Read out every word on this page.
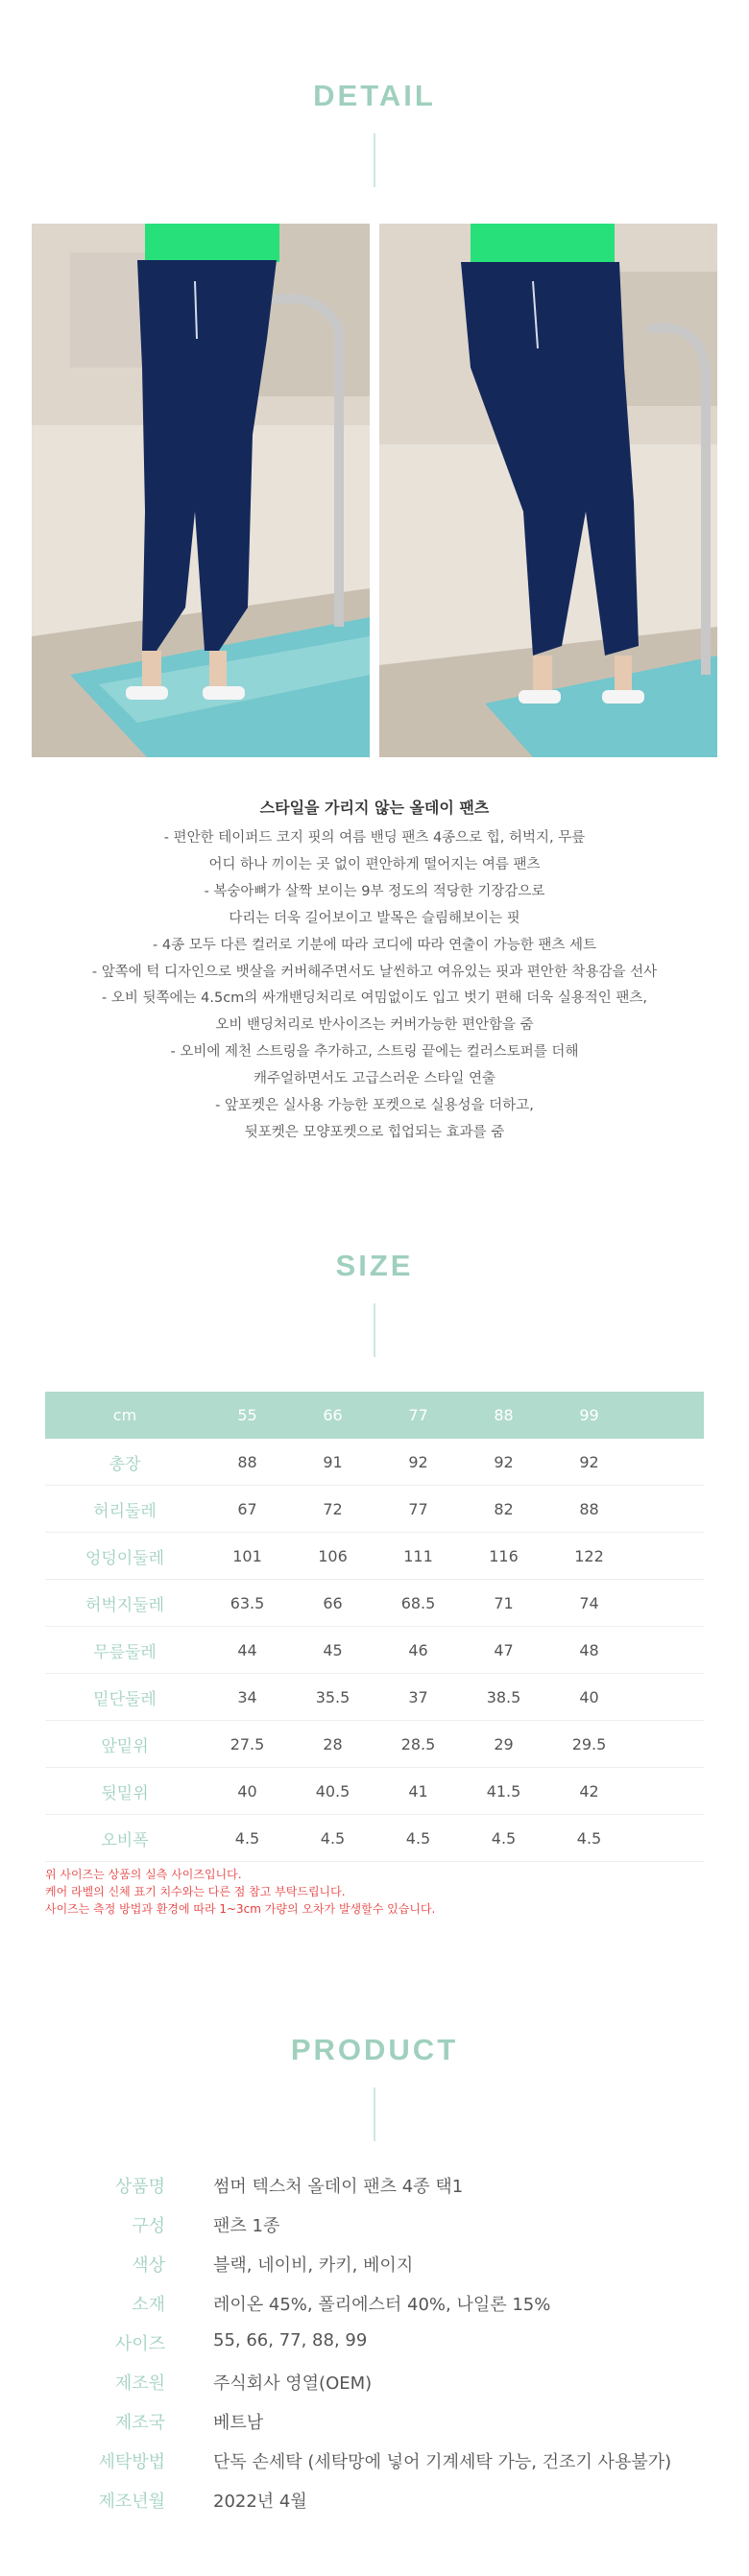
DETAIL
스타일을 가리지 않는 올데이 팬츠
- 편안한 테이퍼드 코지 핏의 여름 밴딩 팬츠 4종으로 힙, 허벅지, 무릎
어디 하나 끼이는 곳 없이 편안하게 떨어지는 여름 팬츠
- 복숭아뼈가 살짝 보이는 9부 정도의 적당한 기장감으로
다리는 더욱 길어보이고 발목은 슬림해보이는 핏
- 4종 모두 다른 컬러로 기분에 따라 코디에 따라 연출이 가능한 팬츠 세트
- 앞쪽에 턱 디자인으로 뱃살을 커버해주면서도 날씬하고 여유있는 핏과 편안한 착용감을 선사
- 오비 뒷쪽에는 4.5cm의 싸개밴딩처리로 여밈없이도 입고 벗기 편해 더욱 실용적인 팬츠,
오비 밴딩처리로 반사이즈는 커버가능한 편안함을 줌
- 오비에 제천 스트링을 추가하고, 스트링 끝에는 컬러스토퍼를 더해
캐주얼하면서도 고급스러운 스타일 연출
- 앞포켓은 실사용 가능한 포켓으로 실용성을 더하고,
뒷포켓은 모양포켓으로 힙업되는 효과를 줌
SIZE
cm	55	66	77	88	99	
총장	88	91	92	92	92	
허리둘레	67	72	77	82	88	
엉덩이둘레	101	106	111	116	122	
허벅지둘레	63.5	66	68.5	71	74	
무릎둘레	44	45	46	47	48	
밑단둘레	34	35.5	37	38.5	40	
앞밑위	27.5	28	28.5	29	29.5	
뒷밑위	40	40.5	41	41.5	42	
오비폭	4.5	4.5	4.5	4.5	4.5	
위 사이즈는 상품의 실측 사이즈입니다.
케어 라벨의 신체 표기 치수와는 다른 점 참고 부탁드립니다.
사이즈는 측정 방법과 환경에 따라 1~3cm 가량의 오차가 발생할수 있습니다.
PRODUCT
상품명	썸머 텍스처 올데이 팬츠 4종 택1
구성	팬츠 1종
색상	블랙, 네이비, 카키, 베이지
소재	레이온 45%, 폴리에스터 40%, 나일론 15%
사이즈	55, 66, 77, 88, 99
제조원	주식회사 영열(OEM)
제조국	베트남
세탁방법	단독 손세탁 (세탁망에 넣어 기계세탁 가능, 건조기 사용불가)
제조년월	2022년 4월
